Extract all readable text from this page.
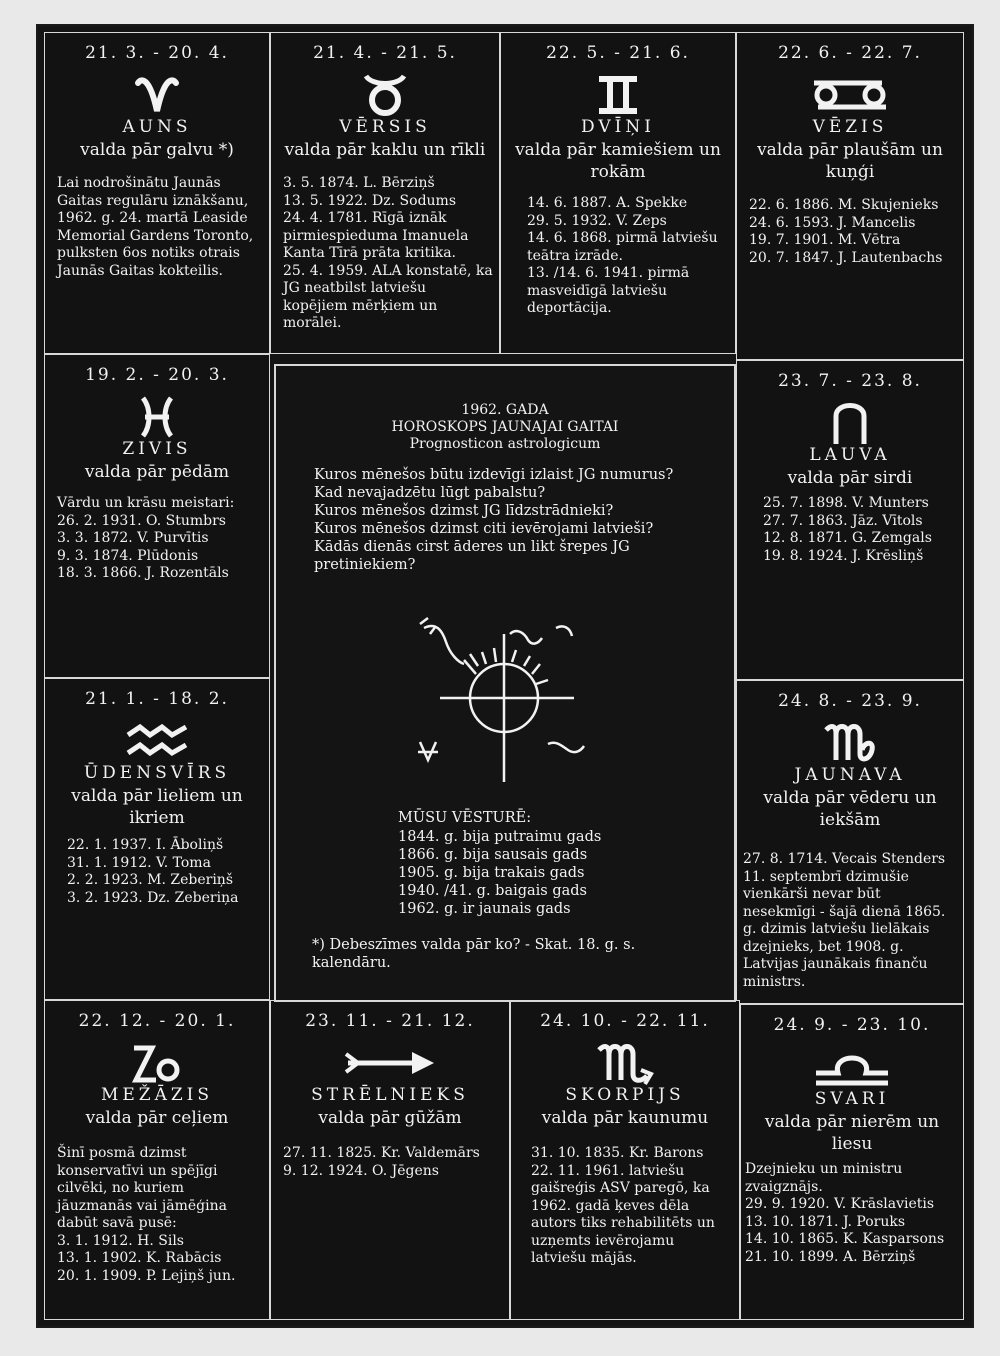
21. 3. - 20. 4.
AUNS
valda pār galvu *)
Lai nodrošinātu Jaunās Gaitas regulāru iznākšanu, 1962. g. 24. martā Leaside Memorial Gardens Toronto, pulksten 6os notiks otrais Jaunās Gaitas kokteilis.
21. 4. - 21. 5.
VĒRSIS
valda pār kaklu un rīkli
3. 5. 1874. L. Bērziņš
13. 5. 1922. Dz. Sodums
24. 4. 1781. Rīgā iznāk pirmiespieduma Imanuela Kanta Tīrā prāta kritika.
25. 4. 1959. ALA konstatē, ka JG neatbilst latviešu kopējiem mērķiem un morālei.
22. 5. - 21. 6.
DVĪŅI
valda pār kamiešiem un rokām
14. 6. 1887. A. Spekke
29. 5. 1932. V. Zeps
14. 6. 1868. pirmā latviešu teātra izrāde.
13. /14. 6. 1941. pirmā masveidīgā latviešu deportācija.
22. 6. - 22. 7.
VĒZIS
valda pār plaušām un kuņģi
22. 6. 1886. M. Skujenieks
24. 6. 1593. J. Mancelis
19. 7. 1901. M. Vētra
20. 7. 1847. J. Lautenbachs
19. 2. - 20. 3.
ZIVIS
valda pār pēdām
Vārdu un krāsu meistari:
26. 2. 1931. O. Stumbrs
3. 3. 1872. V. Purvītis
9. 3. 1874. Plūdonis
18. 3. 1866. J. Rozentāls
21. 1. - 18. 2.
ŪDENSVĪRS
valda pār lieliem un ikriem
22. 1. 1937. I. Āboliņš
31. 1. 1912. V. Toma
2. 2. 1923. M. Zeberiņš
3. 2. 1923. Dz. Zeberiņa
23. 7. - 23. 8.
LAUVA
valda pār sirdi
25. 7. 1898. V. Munters
27. 7. 1863. Jāz. Vītols
12. 8. 1871. G. Zemgals
19. 8. 1924. J. Krēsliņš
24. 8. - 23. 9.
JAUNAVA
valda pār vēderu un iekšām
27. 8. 1714. Vecais Stenders
11. septembrī dzimušie vienkārši nevar būt nesekmīgi - šajā dienā 1865. g. dzimis latviešu lielākais dzejnieks, bet 1908. g. Latvijas jaunākais finanču ministrs.
22. 12. - 20. 1.
MEŽĀZIS
valda pār ceļiem
Šinī posmā dzimst konservatīvi un spējīgi cilvēki, no kuriem jāuzmanās vai jāmēģina dabūt savā pusē:
3. 1. 1912. H. Sils
13. 1. 1902. K. Rabācis
20. 1. 1909. P. Lejiņš jun.
23. 11. - 21. 12.
STRĒLNIEKS
valda pār gūžām
27. 11. 1825. Kr. Valdemārs
9. 12. 1924. O. Jēgens
24. 10. - 22. 11.
SKORPIJS
valda pār kaunumu
31. 10. 1835. Kr. Barons
22. 11. 1961. latviešu gaišreģis ASV paregō, ka 1962. gadā ķeves dēla autors tiks rehabilitēts un uzņemts ievērojamu latviešu mājās.
24. 9. - 23. 10.
SVARI
valda pār nierēm un liesu
Dzejnieku un ministru zvaigznājs.
29. 9. 1920. V. Krāslavietis
13. 10. 1871. J. Poruks
14. 10. 1865. K. Kasparsons
21. 10. 1899. A. Bērziņš
1962. GADA
HOROSKOPS JAUNAJAI GAITAI
Prognosticon astrologicum
Kuros mēnešos būtu izdevīgi izlaist JG numurus?
Kad nevajadzētu lūgt pabalstu?
Kuros mēnešos dzimst JG līdzstrādnieki?
Kuros mēnešos dzimst citi ievērojami latvieši?
Kādās dienās cirst āderes un likt šrepes JG pretiniekiem?
MŪSU VĒSTURĒ:
1844. g. bija putraimu gads
1866. g. bija sausais gads
1905. g. bija trakais gads
1940. /41. g. baigais gads
1962. g. ir jaunais gads
*) Debeszīmes valda pār ko? - Skat. 18. g. s. kalendāru.
